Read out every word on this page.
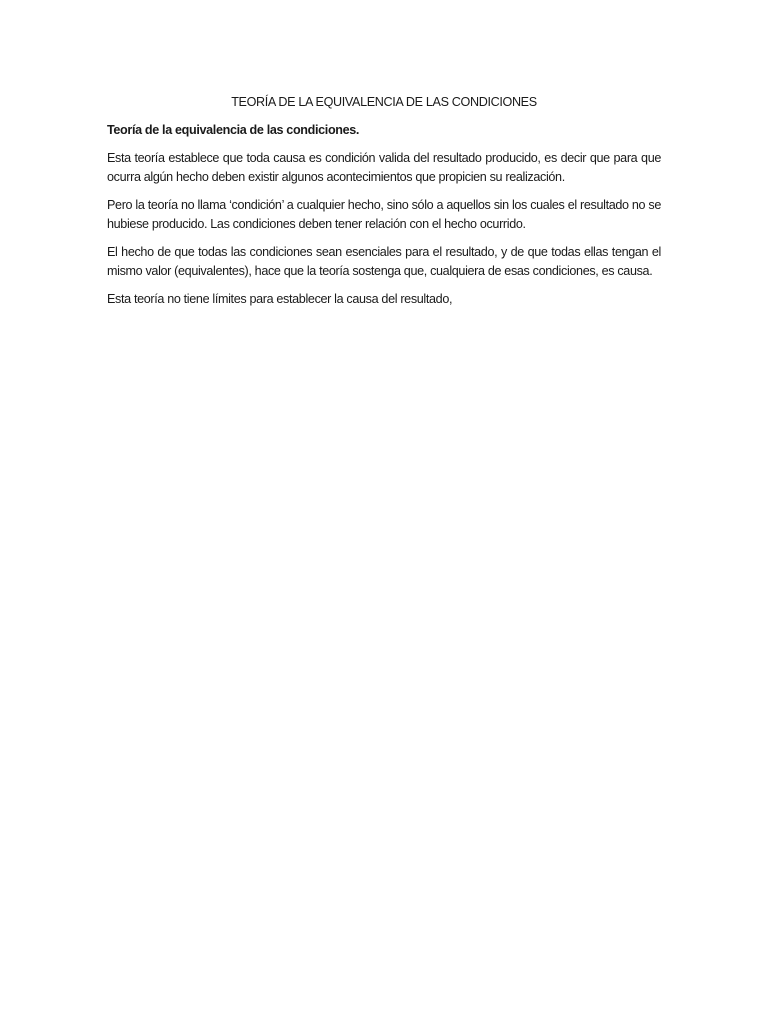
TEORÍA DE LA EQUIVALENCIA DE LAS CONDICIONES
Teoría de la equivalencia de las condiciones.

Esta teoría establece que toda causa es condición valida del resultado producido, es decir que para que ocurra algún hecho deben existir algunos acontecimientos que propicien su realización.

Pero la teoría no llama ‘condición’ a cualquier hecho, sino sólo a aquellos sin los cuales el resultado no se hubiese producido. Las condiciones deben tener relación con el hecho ocurrido.

El hecho de que todas las condiciones sean esenciales para el resultado, y de que todas ellas tengan el mismo valor (equivalentes), hace que la teoría sostenga que, cualquiera de esas condiciones, es causa.

Esta teoría no tiene límites para establecer la causa del resultado,
